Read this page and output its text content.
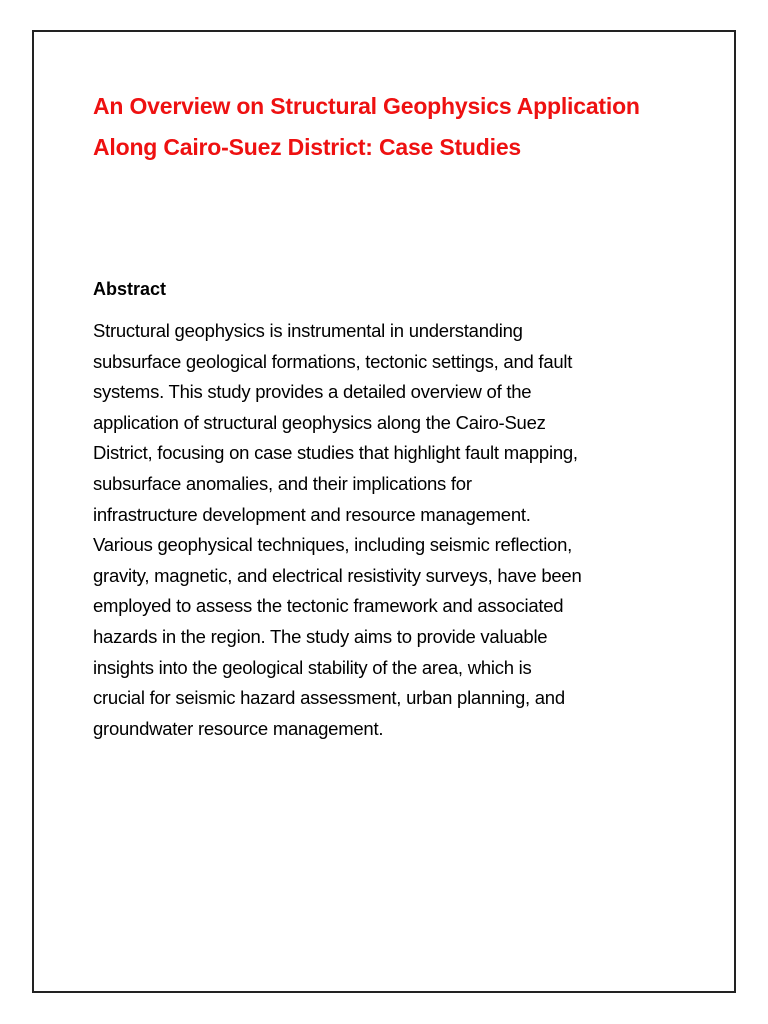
An Overview on Structural Geophysics Application Along Cairo-Suez District: Case Studies
Abstract

Structural geophysics is instrumental in understanding
subsurface geological formations, tectonic settings, and fault
systems. This study provides a detailed overview of the
application of structural geophysics along the Cairo-Suez
District, focusing on case studies that highlight fault mapping,
subsurface anomalies, and their implications for
infrastructure development and resource management.
Various geophysical techniques, including seismic reflection,
gravity, magnetic, and electrical resistivity surveys, have been
employed to assess the tectonic framework and associated
hazards in the region. The study aims to provide valuable
insights into the geological stability of the area, which is
crucial for seismic hazard assessment, urban planning, and
groundwater resource management.
